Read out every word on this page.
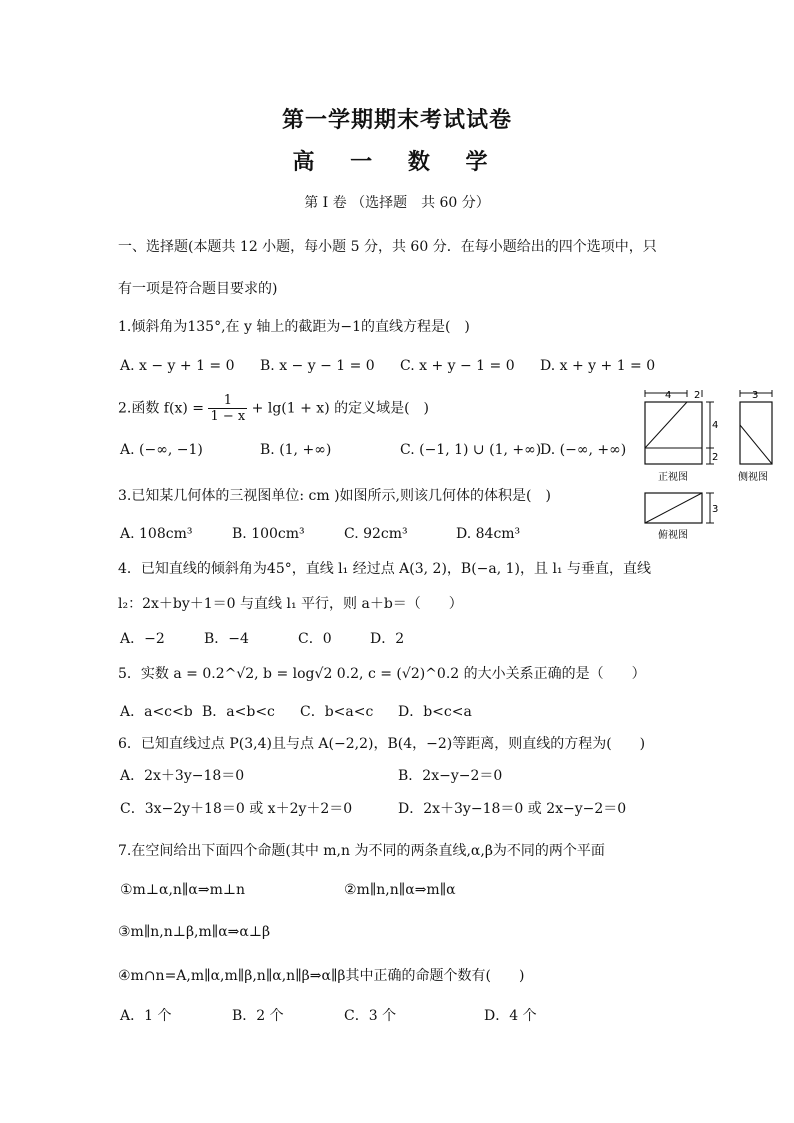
第一学期期末考试试卷
高 一 数 学
第 I 卷 （选择题　共 60 分）
一、选择题(本题共 12 小题，每小题 5 分，共 60 分．在每小题给出的四个选项中，只
有一项是符合题目要求的)
1.倾斜角为135°,在 y 轴上的截距为−1的直线方程是(　)
A. x − y + 1 = 0 B. x − y − 1 = 0 C. x + y − 1 = 0 D. x + y + 1 = 0
2.函数 $f(x) = \frac{1}{1 - x} + \lg(1 + x)$ 的定义域是(　)
A. (−∞, −1)	B. (1, +∞)	C. (−1, 1) ∪ (1, +∞)
D. (−∞, +∞)
3.已知某几何体的三视图单位: cm )如图所示,则该几何体的体积是(　)
A. 108cm³	B. 100cm³	C. 92cm³	D. 84cm³
4 2
4
2
正视图
3
侧视图
3
俯视图
4．已知直线的倾斜角为45°，直线 l₁ 经过点 A(3, 2)，B(−a, 1)，且 l₁ 与垂直，直线
l₂：2x＋by＋1＝0 与直线 l₁ 平行，则 a＋b＝（　　）
A．−2	B．−4	C．0	D．2
5．实数 a = 0.2^√2, b = log√2 0.2, c = (√2)^0.2 的大小关系正确的是（　　）
A．a<c<b B．a<b<c C．b<a<c D．b<c<a
6．已知直线过点 P(3,4)且与点 A(−2,2)，B(4，−2)等距离，则直线的方程为(　　)
A．2x＋3y−18＝0	B．2x−y−2＝0
C．3x−2y＋18＝0 或 x＋2y＋2＝0	D．2x＋3y−18＝0 或 2x−y−2＝0
7.在空间给出下面四个命题(其中 m,n 为不同的两条直线,α,β为不同的两个平面
①m⊥α,n∥α⇒m⊥n	②m∥n,n∥α⇒m∥α
③m∥n,n⊥β,m∥α⇒α⊥β
④m∩n=A,m∥α,m∥β,n∥α,n∥β⇒α∥β其中正确的命题个数有(　　)
A．1 个	B．2 个	C．3 个	D．4 个
